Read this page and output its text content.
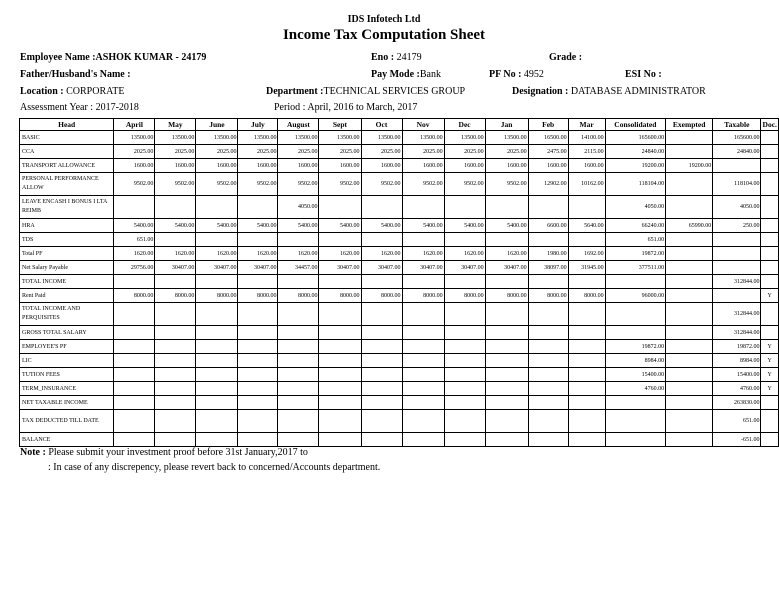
IDS Infotech Ltd
Income Tax Computation Sheet
Employee Name :ASHOK KUMAR - 24179	Eno : 24179	Grade :
Father/Husband's Name :	Pay Mode :Bank	PF No : 4952	ESI No :
Location : CORPORATE	Department :TECHNICAL SERVICES GROUP	Designation : DATABASE ADMINISTRATOR
Assessment Year : 2017-2018	Period : April, 2016 to March, 2017
Head	April	May	June	July	August	Sept	Oct	Nov	Dec	Jan	Feb	Mar	Consolidated	Exempted	Taxable	Doc.
BASIC	13500.00	13500.00	13500.00	13500.00	13500.00	13500.00	13500.00	13500.00	13500.00	13500.00	16500.00	14100.00	165600.00		165600.00	
CCA	2025.00	2025.00	2025.00	2025.00	2025.00	2025.00	2025.00	2025.00	2025.00	2025.00	2475.00	2115.00	24840.00		24840.00	
TRANSPORT ALLOWANCE	1600.00	1600.00	1600.00	1600.00	1600.00	1600.00	1600.00	1600.00	1600.00	1600.00	1600.00	1600.00	19200.00	19200.00		
PERSONAL PERFORMANCE ALLOW	9502.00	9502.00	9502.00	9502.00	9502.00	9502.00	9502.00	9502.00	9502.00	9502.00	12902.00	10162.00	118104.00		118104.00	
LEAVE ENCASH I BONUS I LTA REIMB					4050.00								4050.00		4050.00	
HRA	5400.00	5400.00	5400.00	5400.00	5400.00	5400.00	5400.00	5400.00	5400.00	5400.00	6600.00	5640.00	66240.00	65990.00	250.00	
TDS	651.00												651.00			
Total PF	1620.00	1620.00	1620.00	1620.00	1620.00	1620.00	1620.00	1620.00	1620.00	1620.00	1980.00	1692.00	19872.00			
Net Salary Payable	29756.00	30407.00	30407.00	30407.00	34457.00	30407.00	30407.00	30407.00	30407.00	30407.00	38097.00	31945.00	377511.00			
TOTAL INCOME															312844.00	
Rent Paid	8000.00	8000.00	8000.00	8000.00	8000.00	8000.00	8000.00	8000.00	8000.00	8000.00	8000.00	8000.00	96000.00			Y
TOTAL INCOME AND PERQUISITES															312844.00	
GROSS TOTAL SALARY															312844.00	
EMPLOYEE'S PF													19872.00		19872.00	Y
LIC													8984.00		8984.00	Y
TUTION FEES													15400.00		15400.00	Y
TERM_INSURANCE													4760.00		4760.00	Y
NET TAXABLE INCOME															263830.00	
TAX DEDUCTED TILL DATE															651.00	
BALANCE															-651.00	
Note : Please submit your investment proof before 31st January,2017 to
: In case of any discrepency, please revert back to concerned/Accounts department.
